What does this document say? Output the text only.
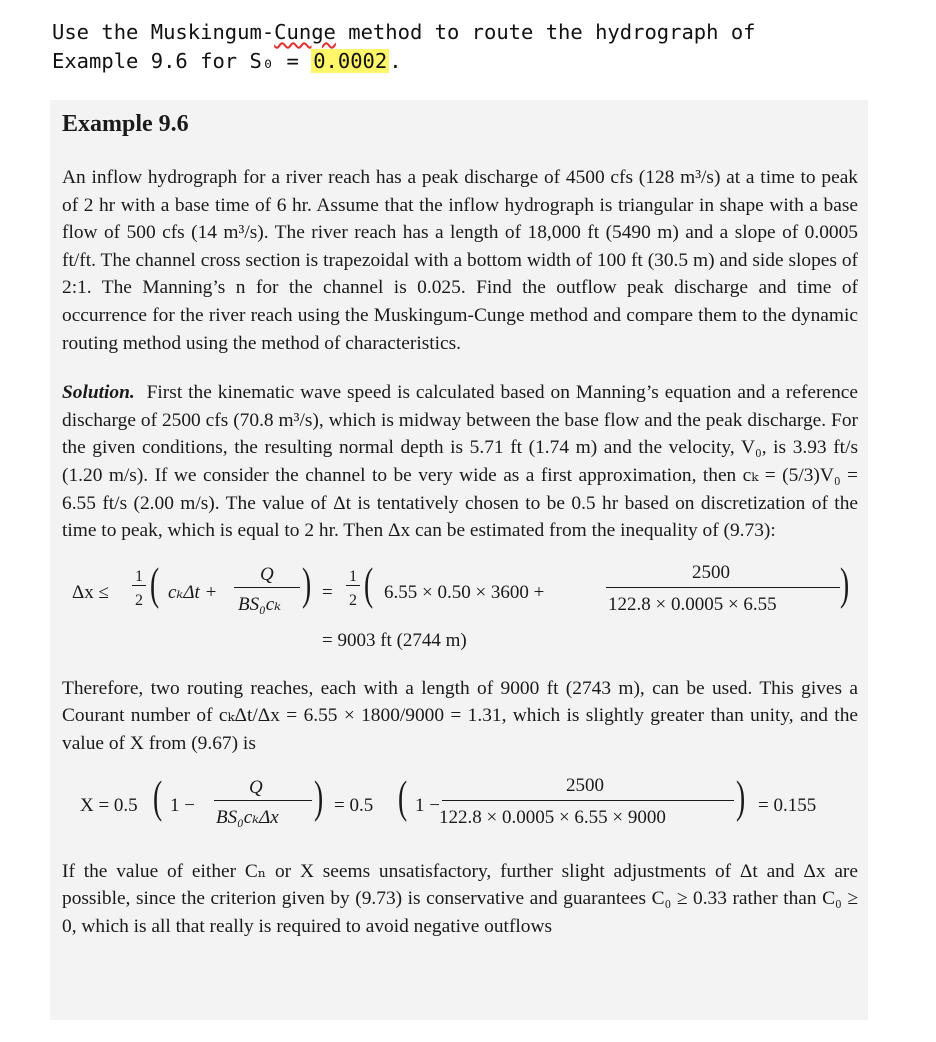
Use the Muskingum-Cunge method to route the hydrograph of
Example 9.6 for S₀ = 0.0002.
Example 9.6

An inflow hydrograph for a river reach has a peak discharge of 4500 cfs (128 m³/s) at a time to peak of 2 hr with a base time of 6 hr. Assume that the inflow hydrograph is triangular in shape with a base flow of 500 cfs (14 m³/s). The river reach has a length of 18,000 ft (5490 m) and a slope of 0.0005 ft/ft. The channel cross section is trapezoidal with a bottom width of 100 ft (30.5 m) and side slopes of 2:1. The Manning’s n for the channel is 0.025. Find the outflow peak discharge and time of occurrence for the river reach using the Muskingum-Cunge method and compare them to the dynamic routing method using the method of characteristics.

Solution. First the kinematic wave speed is calculated based on Manning’s equation and a reference discharge of 2500 cfs (70.8 m³/s), which is midway between the base flow and the peak discharge. For the given conditions, the resulting normal depth is 5.71 ft (1.74 m) and the velocity, V₀, is 3.93 ft/s (1.20 m/s). If we consider the channel to be very wide as a first approximation, then cₖ = (5/3)V₀ = 6.55 ft/s (2.00 m/s). The value of Δt is tentatively chosen to be 0.5 hr based on discretization of the time to peak, which is equal to 2 hr. Then Δx can be estimated from the inequality of (9.73):

Δx ≤
1
2 ( cₖΔt +
Q
BS₀cₖ ) =
1
2 ( 6.55 × 0.50 × 3600 +
2500
122.8 × 0.0005 × 6.55 )
= 9003 ft (2744 m)

Therefore, two routing reaches, each with a length of 9000 ft (2743 m), can be used. This gives a Courant number of cₖΔt/Δx = 6.55 × 1800/9000 = 1.31, which is slightly greater than unity, and the value of X from (9.67) is

X = 0.5 ( 1 −
Q
BS₀cₖΔx ) = 0.5 ( 1 −
2500
122.8 × 0.0005 × 6.55 × 9000 ) = 0.155

If the value of either Cₙ or X seems unsatisfactory, further slight adjustments of Δt and Δx are possible, since the criterion given by (9.73) is conservative and guarantees C₀ ≥ 0.33 rather than C₀ ≥ 0, which is all that really is required to avoid negative outflows
